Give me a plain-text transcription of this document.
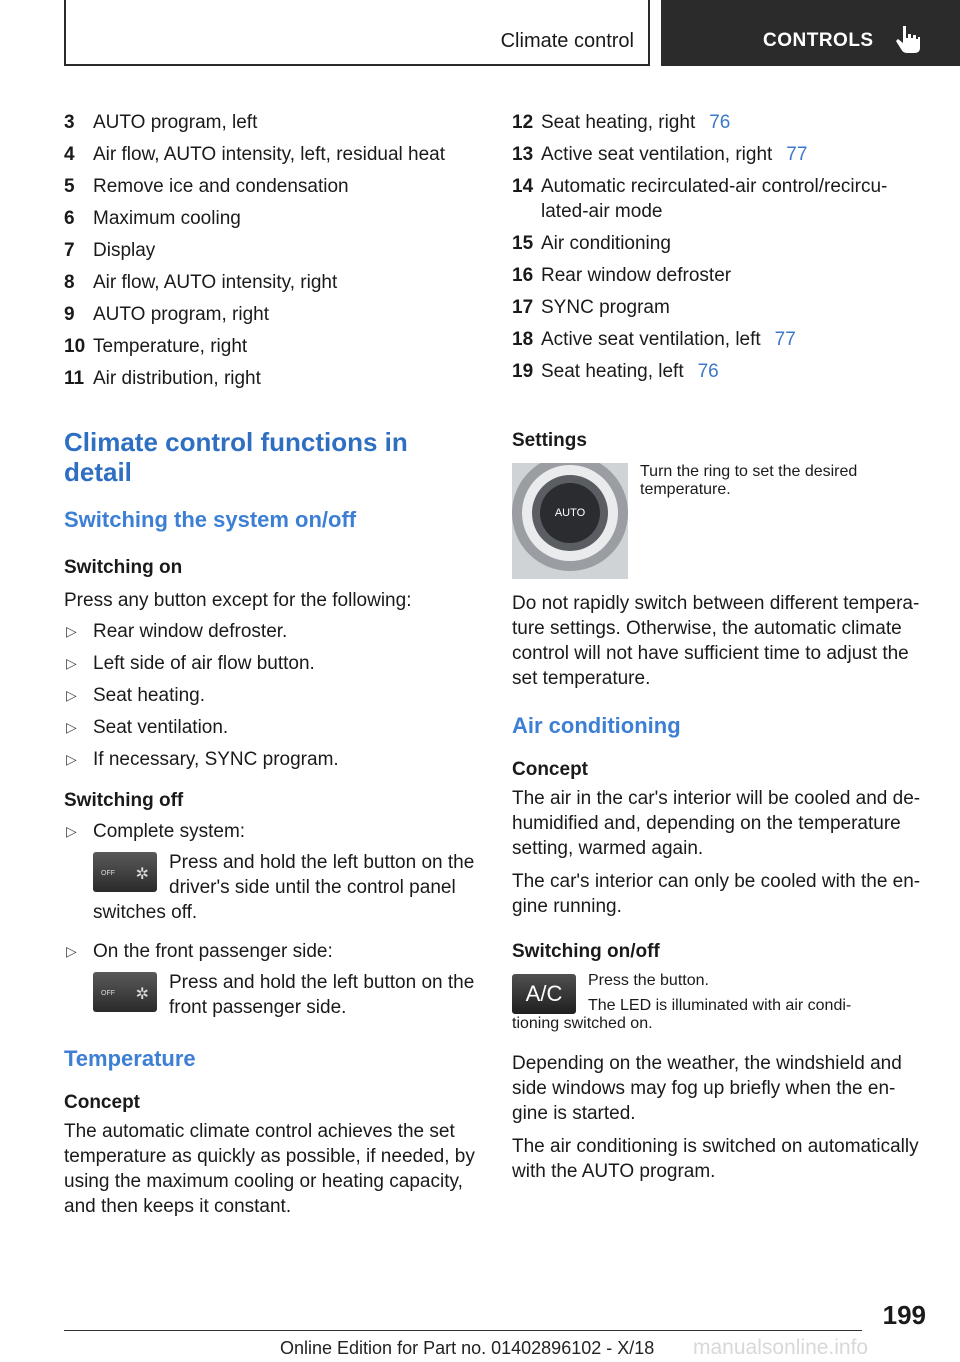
Climate control	CONTROLS
3 AUTO program, left
4 Air flow, AUTO intensity, left, residual heat
5 Remove ice and condensation
6 Maximum cooling
7 Display
8 Air flow, AUTO intensity, right
9 AUTO program, right
10 Temperature, right
11 Air distribution, right
Climate control functions in detail
Switching the system on/off
Switching on

Press any button except for the following:

▷ Rear window defroster.
▷ Left side of air flow button.
▷ Seat heating.
▷ Seat ventilation.
▷ If necessary, SYNC program.
Switching off
▷ Complete system:
OFF ✲
Press and hold the left button on the driver's side until the control panel
switches off.
▷ On the front passenger side:
OFF ✲
Press and hold the left button on the front passenger side.
Temperature
Concept

The automatic climate control achieves the set temperature as quickly as possible, if needed, by using the maximum cooling or heating capacity, and then keeps it constant.

12 Seat heating, right 76
13 Active seat ventilation, right 77
14 Automatic recirculated-air control/recircu-lated-air mode
15 Air conditioning
16 Rear window defroster
17 SYNC program
18 Active seat ventilation, left 77
19 Seat heating, left 76
Settings
AUTO
Turn the ring to set the desired temperature.

Do not rapidly switch between different tempera-ture settings. Otherwise, the automatic climate control will not have sufficient time to adjust the set temperature.

Air conditioning
Concept

The air in the car's interior will be cooled and de-humidified and, depending on the temperature setting, warmed again.

The car's interior can only be cooled with the en-gine running.

Switching on/off
A/C
Press the button.
The LED is illuminated with air condi-
tioning switched on.

Depending on the weather, the windshield and side windows may fog up briefly when the en-gine is started.

The air conditioning is switched on automatically with the AUTO program.

199
Online Edition for Part no. 01402896102 - X/18 manualsonline.info
